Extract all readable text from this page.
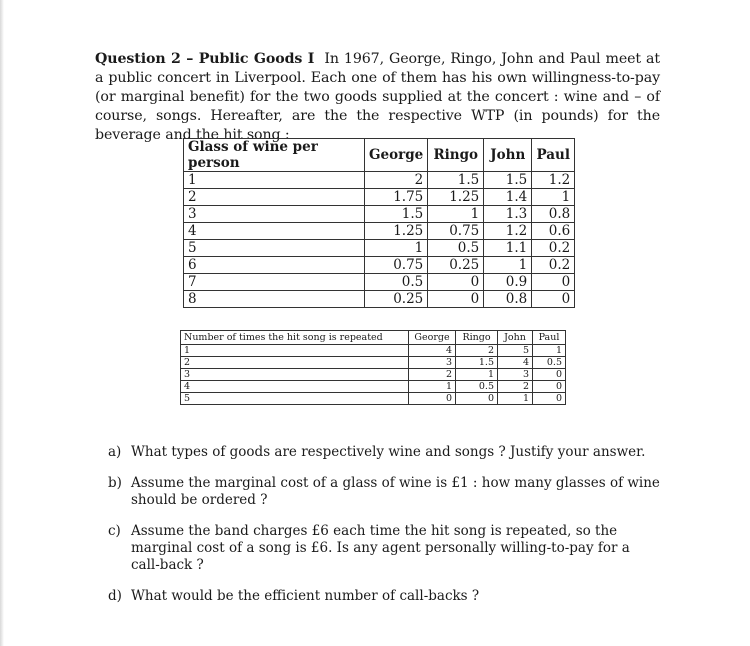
Question 2 – Public Goods I In 1967, George, Ringo, John and Paul meet at a public concert in Liverpool. Each one of them has his own willingness-to-pay (or marginal benefit) for the two goods supplied at the concert : wine and – of course, songs. Hereafter, are the the respective WTP (in pounds) for the beverage and the hit song :

Glass of wine per person	George	Ringo	John	Paul
1	2	1.5	1.5	1.2
2	1.75	1.25	1.4	1
3	1.5	1	1.3	0.8
4	1.25	0.75	1.2	0.6
5	1	0.5	1.1	0.2
6	0.75	0.25	1	0.2
7	0.5	0	0.9	0
8	0.25	0	0.8	0
Number of times the hit song is repeated	George	Ringo	John	Paul
1	4	2	5	1
2	3	1.5	4	0.5
3	2	1	3	0
4	1	0.5	2	0
5	0	0	1	0
a) What types of goods are respectively wine and songs ? Justify your answer.
b) Assume the marginal cost of a glass of wine is £1 : how many glasses of wine should be ordered ?
c) Assume the band charges £6 each time the hit song is repeated, so the marginal cost of a song is £6. Is any agent personally willing-to-pay for a call-back ?
d) What would be the efficient number of call-backs ?
